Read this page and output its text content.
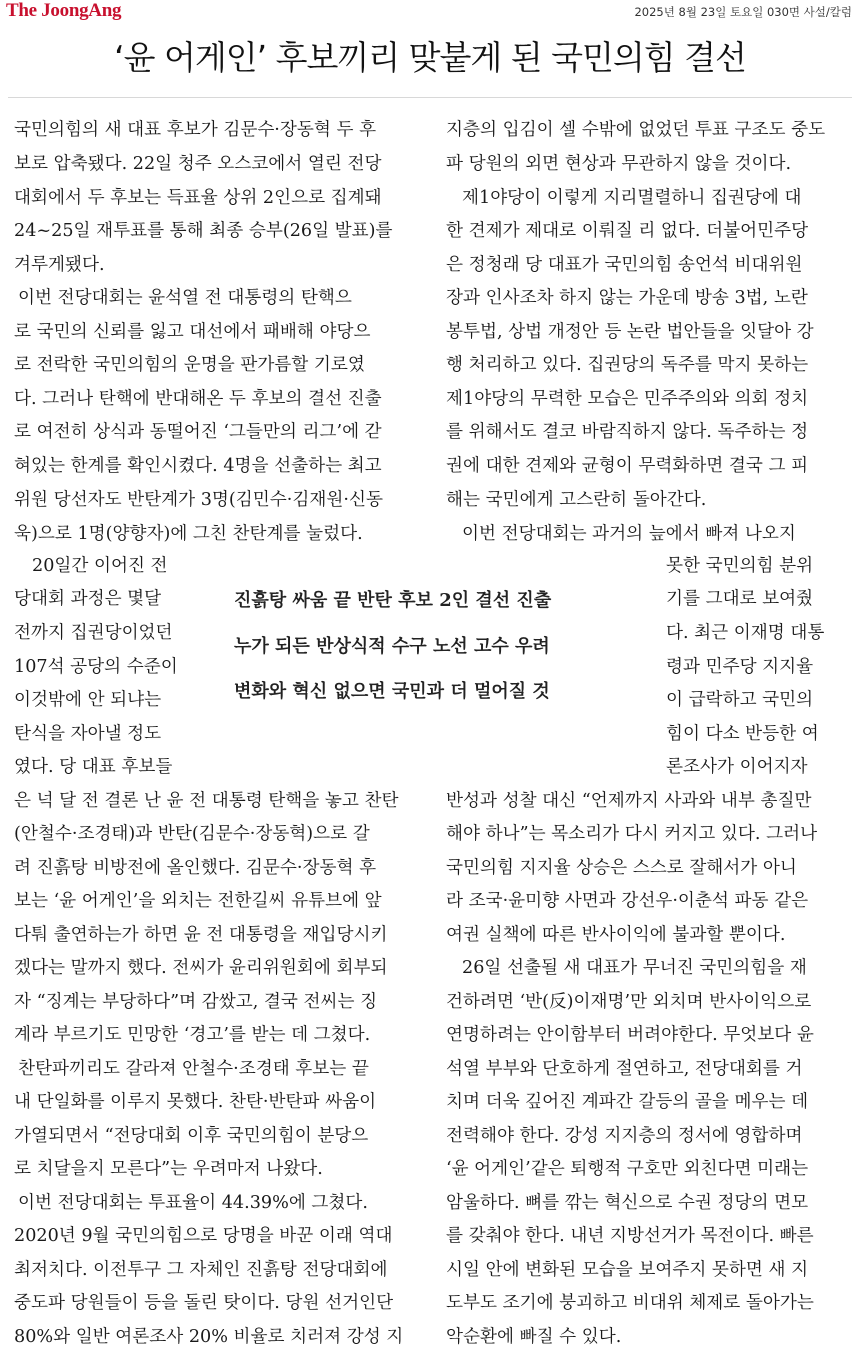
The JoongAng	2025년 8월 23일 토요일 030면 사설/칼럼
‘윤 어게인’ 후보끼리 맞붙게 된 국민의힘 결선
국민의힘의 새 대표 후보가 김문수·장동혁 두 후
보로 압축됐다. 22일 청주 오스코에서 열린 전당
대회에서 두 후보는 득표율 상위 2인으로 집계돼
24~25일 재투표를 통해 최종 승부(26일 발표)를
겨루게됐다.
이번 전당대회는 윤석열 전 대통령의 탄핵으
로 국민의 신뢰를 잃고 대선에서 패배해 야당으
로 전락한 국민의힘의 운명을 판가름할 기로였
다. 그러나 탄핵에 반대해온 두 후보의 결선 진출
로 여전히 상식과 동떨어진 ‘그들만의 리그’에 갇
혀있는 한계를 확인시켰다. 4명을 선출하는 최고
위원 당선자도 반탄계가 3명(김민수·김재원·신동
욱)으로 1명(양향자)에 그친 찬탄계를 눌렀다.
20일간 이어진 전
당대회 과정은 몇달
전까지 집권당이었던
107석 공당의 수준이
이것밖에 안 되냐는
탄식을 자아낼 정도
였다. 당 대표 후보들
은 넉 달 전 결론 난 윤 전 대통령 탄핵을 놓고 찬탄
(안철수·조경태)과 반탄(김문수·장동혁)으로 갈
려 진흙탕 비방전에 올인했다. 김문수·장동혁 후
보는 ‘윤 어게인’을 외치는 전한길씨 유튜브에 앞
다퉈 출연하는가 하면 윤 전 대통령을 재입당시키
겠다는 말까지 했다. 전씨가 윤리위원회에 회부되
자 “징계는 부당하다”며 감쌌고, 결국 전씨는 징
계라 부르기도 민망한 ‘경고’를 받는 데 그쳤다.
찬탄파끼리도 갈라져 안철수·조경태 후보는 끝
내 단일화를 이루지 못했다. 찬탄·반탄파 싸움이
가열되면서 “전당대회 이후 국민의힘이 분당으
로 치달을지 모른다”는 우려마저 나왔다.
이번 전당대회는 투표율이 44.39%에 그쳤다.
2020년 9월 국민의힘으로 당명을 바꾼 이래 역대
최저치다. 이전투구 그 자체인 진흙탕 전당대회에
중도파 당원들이 등을 돌린 탓이다. 당원 선거인단
80%와 일반 여론조사 20% 비율로 치러져 강성 지
지층의 입김이 셀 수밖에 없었던 투표 구조도 중도
파 당원의 외면 현상과 무관하지 않을 것이다.
제1야당이 이렇게 지리멸렬하니 집권당에 대
한 견제가 제대로 이뤄질 리 없다. 더불어민주당
은 정청래 당 대표가 국민의힘 송언석 비대위원
장과 인사조차 하지 않는 가운데 방송 3법, 노란
봉투법, 상법 개정안 등 논란 법안들을 잇달아 강
행 처리하고 있다. 집권당의 독주를 막지 못하는
제1야당의 무력한 모습은 민주주의와 의회 정치
를 위해서도 결코 바람직하지 않다. 독주하는 정
권에 대한 견제와 균형이 무력화하면 결국 그 피
해는 국민에게 고스란히 돌아간다.
이번 전당대회는 과거의 늪에서 빠져 나오지
못한 국민의힘 분위
기를 그대로 보여줬
다. 최근 이재명 대통
령과 민주당 지지율
이 급락하고 국민의
힘이 다소 반등한 여
론조사가 이어지자
반성과 성찰 대신 “언제까지 사과와 내부 총질만
해야 하나”는 목소리가 다시 커지고 있다. 그러나
국민의힘 지지율 상승은 스스로 잘해서가 아니
라 조국·윤미향 사면과 강선우·이춘석 파동 같은
여권 실책에 따른 반사이익에 불과할 뿐이다.
26일 선출될 새 대표가 무너진 국민의힘을 재
건하려면 ‘반(反)이재명’만 외치며 반사이익으로
연명하려는 안이함부터 버려야한다. 무엇보다 윤
석열 부부와 단호하게 절연하고, 전당대회를 거
치며 더욱 깊어진 계파간 갈등의 골을 메우는 데
전력해야 한다. 강성 지지층의 정서에 영합하며
‘윤 어게인’같은 퇴행적 구호만 외친다면 미래는
암울하다. 뼈를 깎는 혁신으로 수권 정당의 면모
를 갖춰야 한다. 내년 지방선거가 목전이다. 빠른
시일 안에 변화된 모습을 보여주지 못하면 새 지
도부도 조기에 붕괴하고 비대위 체제로 돌아가는
악순환에 빠질 수 있다.
진흙탕 싸움 끝 반탄 후보 2인 결선 진출
누가 되든 반상식적 수구 노선 고수 우려
변화와 혁신 없으면 국민과 더 멀어질 것
